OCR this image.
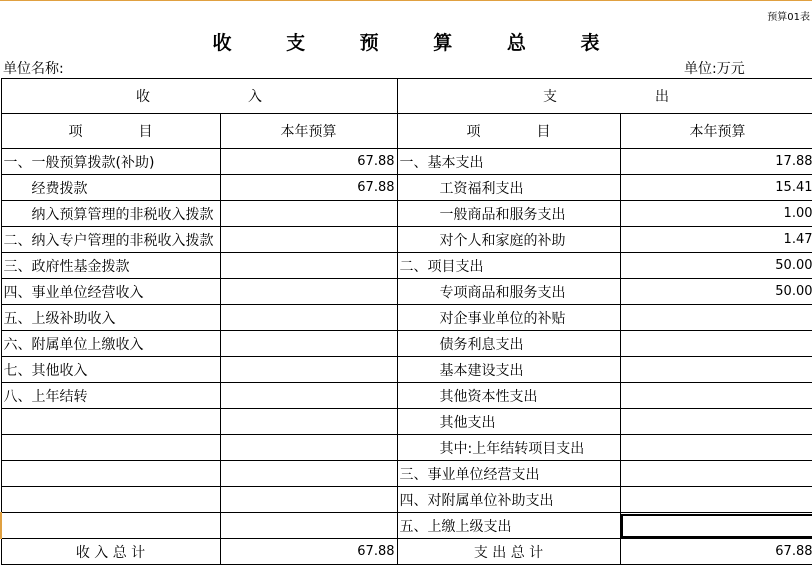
预算01表
收 支 预 算 总 表
单位名称:	单位:万元
收　　　　　　　入		支　　　　　　　出	
项　　　　目	本年预算	项　　　　目	本年预算
一、一般预算拨款(补助)	67.88	一、基本支出	17.88
经费拨款	67.88	工资福利支出	15.41
纳入预算管理的非税收入拨款		一般商品和服务支出	1.00
二、纳入专户管理的非税收入拨款		对个人和家庭的补助	1.47
三、政府性基金拨款		二、项目支出	50.00
四、事业单位经营收入		专项商品和服务支出	50.00
五、上级补助收入		对企事业单位的补贴	
六、附属单位上缴收入		债务利息支出	
七、其他收入		基本建设支出	
八、上年结转		其他资本性支出	
		其他支出	
		其中:上年结转项目支出	
		三、事业单位经营支出	
		四、对附属单位补助支出	
		五、上缴上级支出	
收 入 总 计	67.88	支 出 总 计	67.88
